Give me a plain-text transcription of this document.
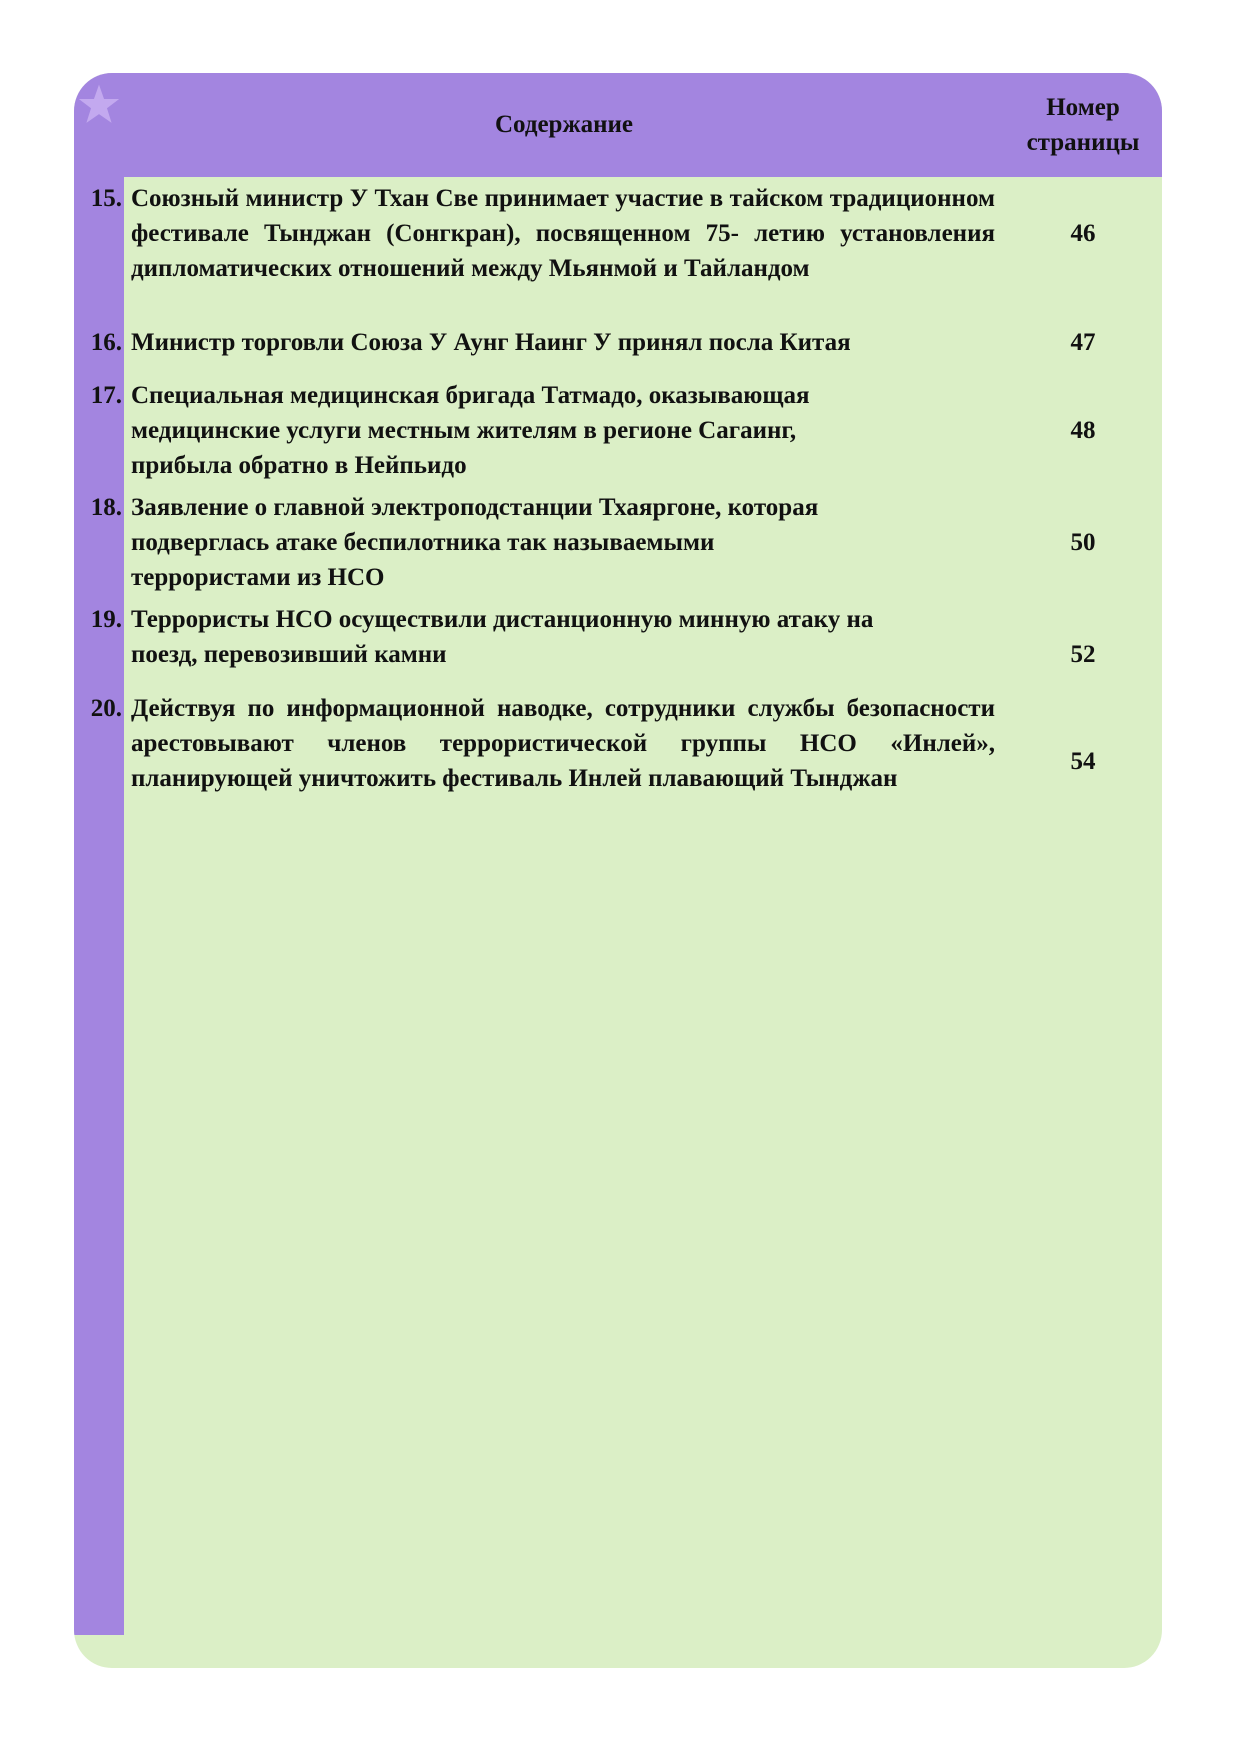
Содержание
Номер
страницы
15. Союзный министр У Тхан Све принимает участие в тайском традиционном фестивале Тынджан (Сонгкран), посвященном 75- летию установления дипломатических отношений между Мьянмой и Тайландом
46
16. Министр торговли Союза У Аунг Наинг У принял посла Китая	47
17. Специальная медицинская бригада Татмадо, оказывающая
медицинские услуги местным жителям в регионе Сагаинг,
прибыла обратно в Нейпьидо
48
18. Заявление о главной электроподстанции Тхаяргоне, которая
подверглась атаке беспилотника так называемыми
террористами из НСО
50
19. Террористы НСО осуществили дистанционную минную атаку на
поезд, перевозивший камни	52
20. Действуя по информационной наводке, сотрудники службы безопасности арестовывают членов террористической группы НСО «Инлей», планирующей уничтожить фестиваль Инлей плавающий Тынджан
54
